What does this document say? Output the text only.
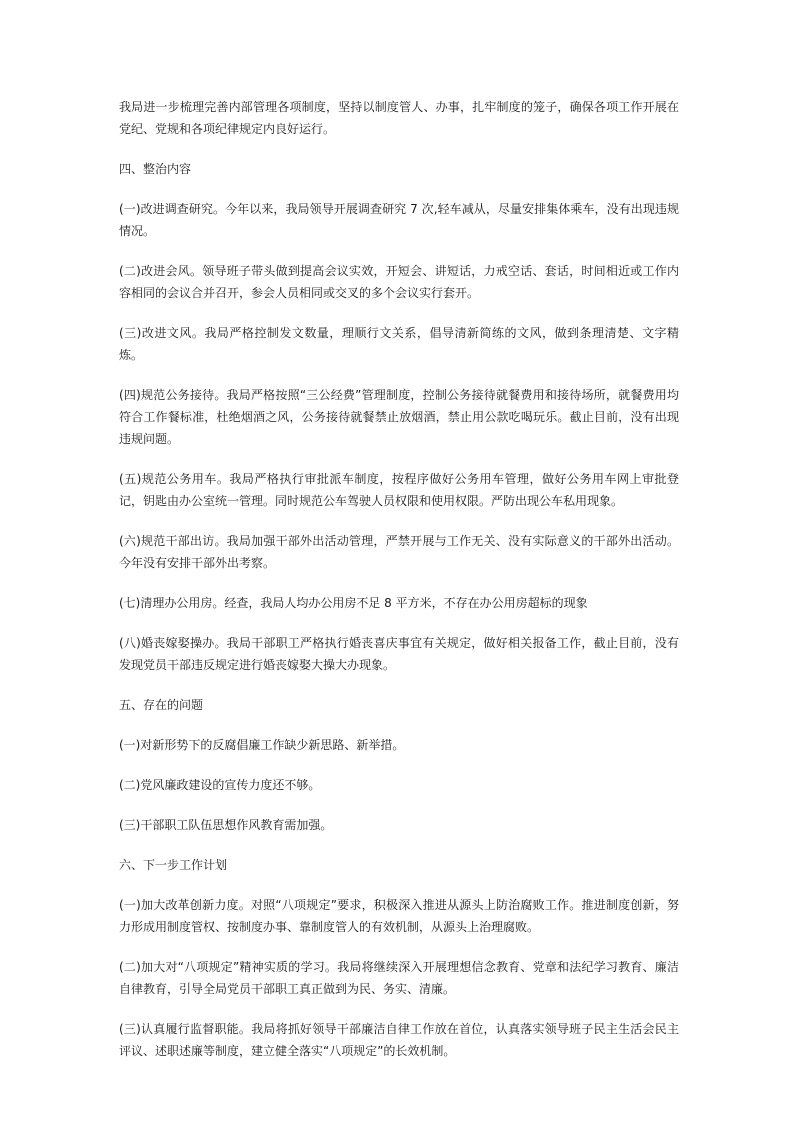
我局进一步梳理完善内部管理各项制度，坚持以制度管人、办事，扎牢制度的笼子，确保各项工作开展在党纪、党规和各项纪律规定内良好运行。

四、整治内容

(一)改进调查研究。今年以来，我局领导开展调查研究 7 次,轻车减从，尽量安排集体乘车，没有出现违规情况。

(二)改进会风。领导班子带头做到提高会议实效，开短会、讲短话，力戒空话、套话，时间相近或工作内容相同的会议合并召开，参会人员相同或交叉的多个会议实行套开。

(三)改进文风。我局严格控制发文数量，理顺行文关系，倡导清新简练的文风，做到条理清楚、文字精炼。

(四)规范公务接待。我局严格按照“三公经费”管理制度，控制公务接待就餐费用和接待场所，就餐费用均符合工作餐标准，杜绝烟酒之风，公务接待就餐禁止放烟酒，禁止用公款吃喝玩乐。截止目前，没有出现违规问题。

(五)规范公务用车。我局严格执行审批派车制度，按程序做好公务用车管理，做好公务用车网上审批登记，钥匙由办公室统一管理。同时规范公车驾驶人员权限和使用权限。严防出现公车私用现象。

(六)规范干部出访。我局加强干部外出活动管理，严禁开展与工作无关、没有实际意义的干部外出活动。今年没有安排干部外出考察。

(七)清理办公用房。经查，我局人均办公用房不足 8 平方米，不存在办公用房超标的现象

(八)婚丧嫁娶操办。我局干部职工严格执行婚丧喜庆事宜有关规定，做好相关报备工作，截止目前，没有发现党员干部违反规定进行婚丧嫁娶大操大办现象。

五、存在的问题

(一)对新形势下的反腐倡廉工作缺少新思路、新举措。

(二)党风廉政建设的宣传力度还不够。

(三)干部职工队伍思想作风教育需加强。

六、下一步工作计划

(一)加大改革创新力度。对照“八项规定”要求，积极深入推进从源头上防治腐败工作。推进制度创新，努力形成用制度管权、按制度办事、靠制度管人的有效机制，从源头上治理腐败。

(二)加大对“八项规定”精神实质的学习。我局将继续深入开展理想信念教育、党章和法纪学习教育、廉洁自律教育，引导全局党员干部职工真正做到为民、务实、清廉。

(三)认真履行监督职能。我局将抓好领导干部廉洁自律工作放在首位，认真落实领导班子民主生活会民主评议、述职述廉等制度，建立健全落实“八项规定”的长效机制。
